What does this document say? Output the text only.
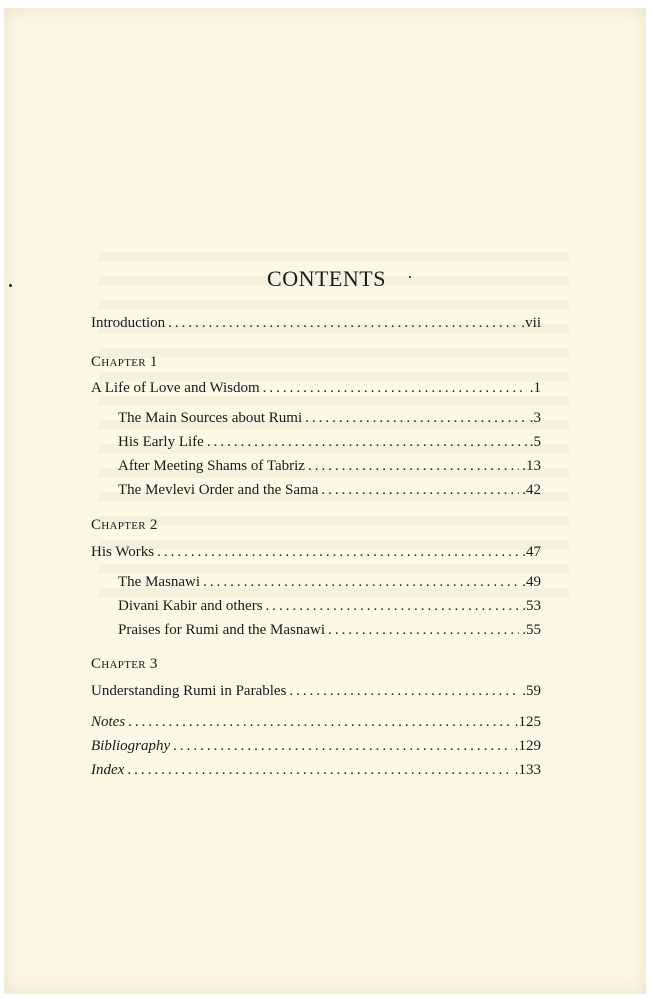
CONTENTS
Introduction .....	.vii
Chapter 1
A Life of Love and Wisdom .....	.1
The Main Sources about Rumi .....	.3
His Early Life .....	.5
After Meeting Shams of Tabriz .....	.13
The Mevlevi Order and the Sama .....	.42
Chapter 2
His Works .....	.47
The Masnawi .....	.49
Divani Kabir and others .....	.53
Praises for Rumi and the Masnawi .....	.55
Chapter 3
Understanding Rumi in Parables .....	.59
Notes .....	.125
Bibliography .....	.129
Index .....	.133
